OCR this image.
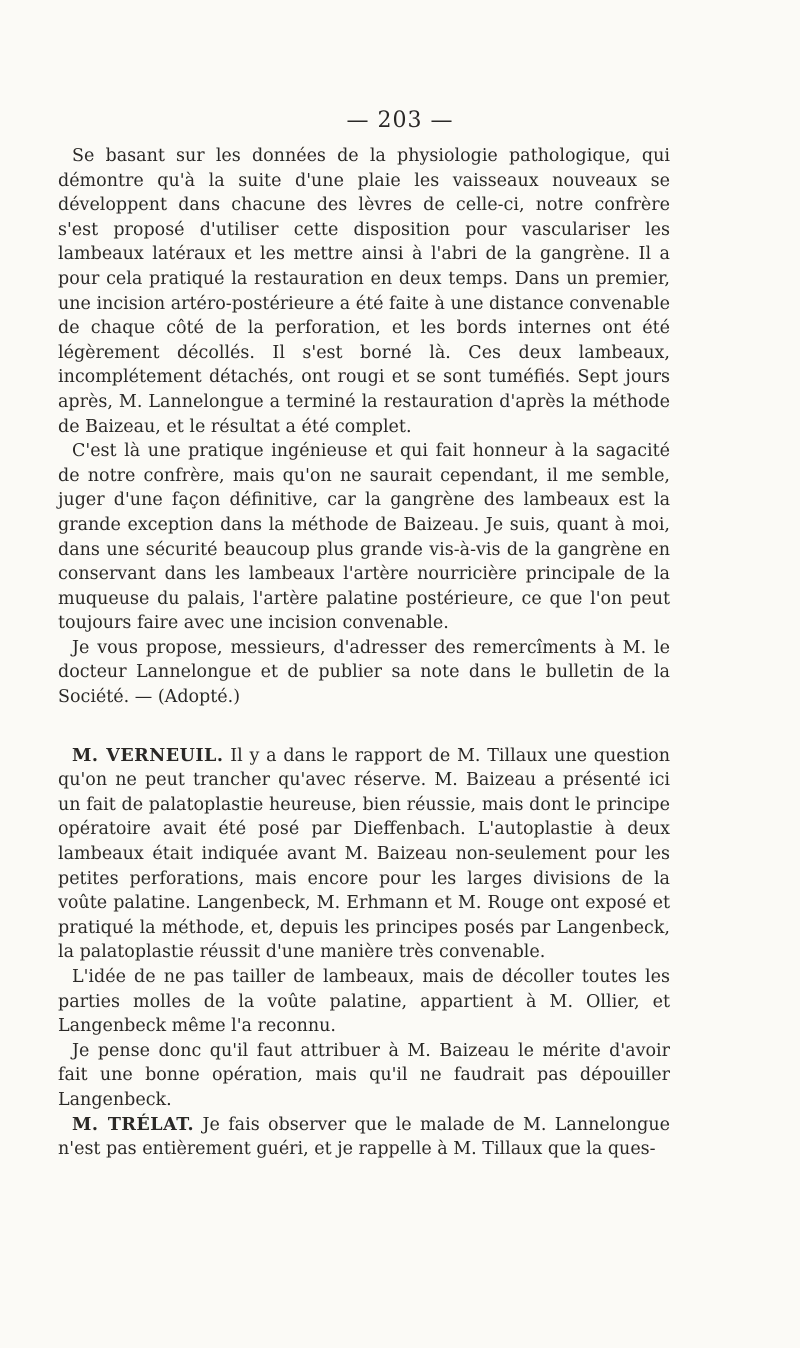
— 203 —

Se basant sur les données de la physiologie pathologique, qui démontre qu'à la suite d'une plaie les vaisseaux nouveaux se développent dans chacune des lèvres de celle-ci, notre confrère s'est proposé d'utiliser cette disposition pour vasculariser les lambeaux latéraux et les mettre ainsi à l'abri de la gangrène. Il a pour cela pratiqué la restauration en deux temps. Dans un premier, une incision artéro-postérieure a été faite à une distance convenable de chaque côté de la perforation, et les bords internes ont été légèrement décollés. Il s'est borné là. Ces deux lambeaux, incomplétement détachés, ont rougi et se sont tuméfiés. Sept jours après, M. Lannelongue a terminé la restauration d'après la méthode de Baizeau, et le résultat a été complet.

C'est là une pratique ingénieuse et qui fait honneur à la sagacité de notre confrère, mais qu'on ne saurait cependant, il me semble, juger d'une façon définitive, car la gangrène des lambeaux est la grande exception dans la méthode de Baizeau. Je suis, quant à moi, dans une sécurité beaucoup plus grande vis-à-vis de la gangrène en conservant dans les lambeaux l'artère nourricière principale de la muqueuse du palais, l'artère palatine postérieure, ce que l'on peut toujours faire avec une incision convenable.

Je vous propose, messieurs, d'adresser des remercîments à M. le docteur Lannelongue et de publier sa note dans le bulletin de la Société. — (Adopté.)

M. VERNEUIL. Il y a dans le rapport de M. Tillaux une question qu'on ne peut trancher qu'avec réserve. M. Baizeau a présenté ici un fait de palatoplastie heureuse, bien réussie, mais dont le principe opératoire avait été posé par Dieffenbach. L'autoplastie à deux lambeaux était indiquée avant M. Baizeau non-seulement pour les petites perforations, mais encore pour les larges divisions de la voûte palatine. Langenbeck, M. Erhmann et M. Rouge ont exposé et pratiqué la méthode, et, depuis les principes posés par Langenbeck, la palatoplastie réussit d'une manière très convenable.

L'idée de ne pas tailler de lambeaux, mais de décoller toutes les parties molles de la voûte palatine, appartient à M. Ollier, et Langenbeck même l'a reconnu.

Je pense donc qu'il faut attribuer à M. Baizeau le mérite d'avoir fait une bonne opération, mais qu'il ne faudrait pas dépouiller Langenbeck.

M. TRÉLAT. Je fais observer que le malade de M. Lannelongue n'est pas entièrement guéri, et je rappelle à M. Tillaux que la ques-
